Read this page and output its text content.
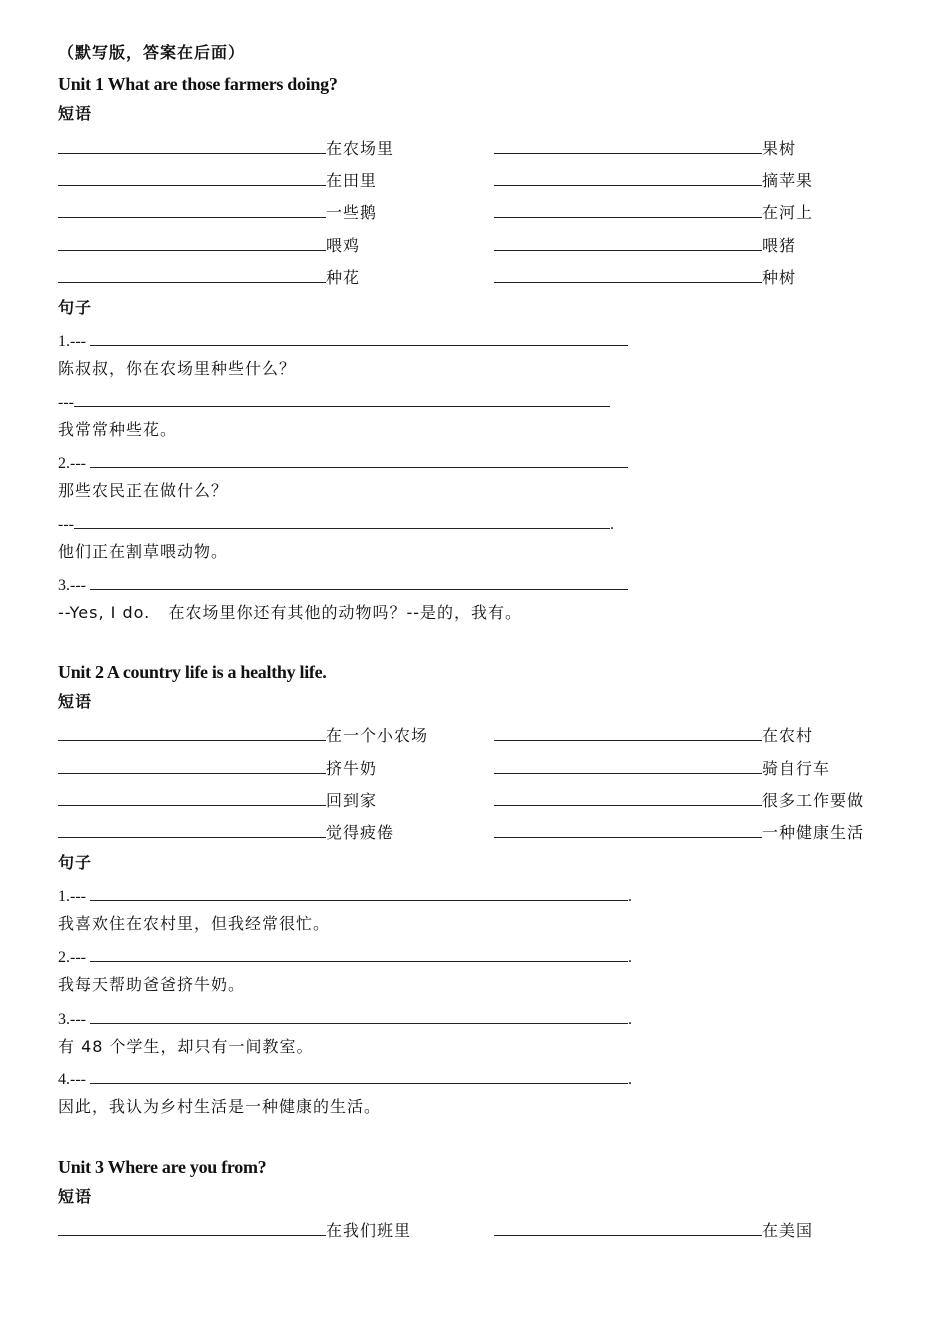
（默写版，答案在后面）
Unit 1 What are those farmers doing?
短语
在农场里	果树
在田里	摘苹果
一些鹅	在河上
喂鸡	喂猪
种花	种树
句子
1.---
陈叔叔，你在农场里种些什么？
---
我常常种些花。
2.---
那些农民正在做什么？
---	.
他们正在割草喂动物。
3.---
--Yes, I do.   在农场里你还有其他的动物吗？--是的，我有。
Unit 2 A country life is a healthy life.
短语
在一个小农场	在农村
挤牛奶	骑自行车
回到家	很多工作要做
觉得疲倦	一种健康生活
句子
1.---	.
我喜欢住在农村里，但我经常很忙。
2.---	.
我每天帮助爸爸挤牛奶。
3.---	.
有 48 个学生，却只有一间教室。
4.---	.
因此，我认为乡村生活是一种健康的生活。
Unit 3 Where are you from?
短语
在我们班里	在美国
